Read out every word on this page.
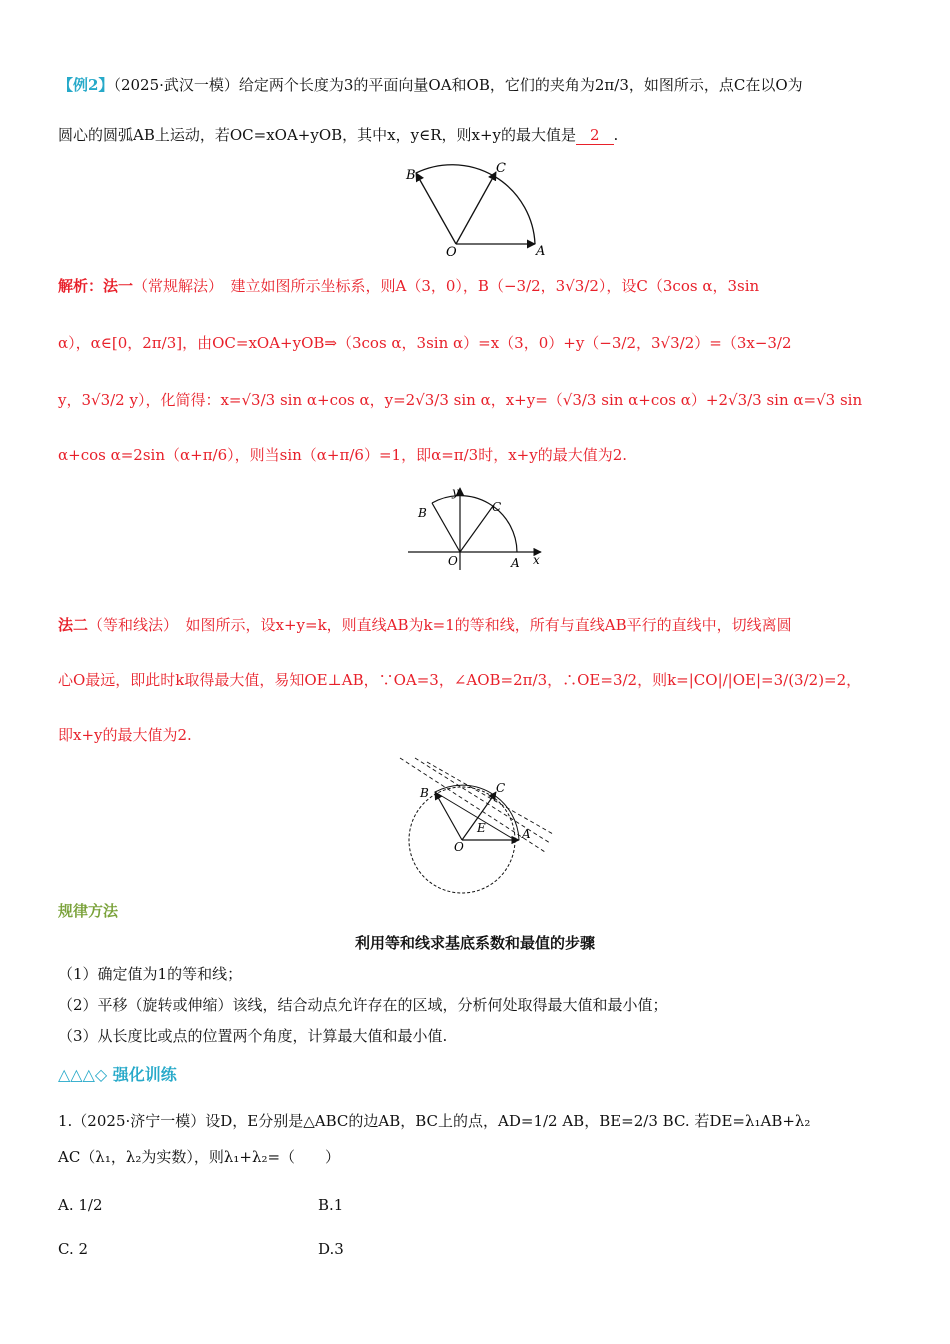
【例2】（2025·武汉一模）给定两个长度为3的平面向量OA和OB，它们的夹角为2π/3，如图所示，点C在以O为
圆心的圆弧AB上运动，若OC=xOA+yOB，其中x，y∈R，则x+y的最大值是 2 .
O	A
B	C
解析：法一（常规解法）　建立如图所示坐标系，则A（3，0），B（−3/2，3√3/2），设C（3cos α，3sin
α），α∈[0，2π/3]，由OC=xOA+yOB⇒（3cos α，3sin α）=x（3，0）+y（−3/2，3√3/2）=（3x−3/2
y，3√3/2 y），化简得：x=√3/3 sin α+cos α，y=2√3/3 sin α，x+y=（√3/3 sin α+cos α）+2√3/3 sin α=√3 sin
α+cos α=2sin（α+π/6），则当sin（α+π/6）=1，即α=π/3时，x+y的最大值为2.
O	A
B	C
x
y
法二（等和线法）　如图所示，设x+y=k，则直线AB为k=1的等和线，所有与直线AB平行的直线中，切线离圆
心O最远，即此时k取得最大值，易知OE⊥AB，∵OA=3，∠AOB=2π/3，∴OE=3/2，则k=|CO|/|OE|=3/(3/2)=2，
即x+y的最大值为2.
O
A
B	C
E
规律方法
利用等和线求基底系数和最值的步骤
（1）确定值为1的等和线；
（2）平移（旋转或伸缩）该线，结合动点允许存在的区域，分析何处取得最大值和最小值；
（3）从长度比或点的位置两个角度，计算最大值和最小值.
△△△◇ 强化训练
1.（2025·济宁一模）设D，E分别是△ABC的边AB，BC上的点，AD=1/2 AB，BE=2/3 BC. 若DE=λ₁AB+λ₂
AC（λ₁，λ₂为实数），则λ₁+λ₂=（　　）
A. 1/2	B.1
C. 2	D.3
